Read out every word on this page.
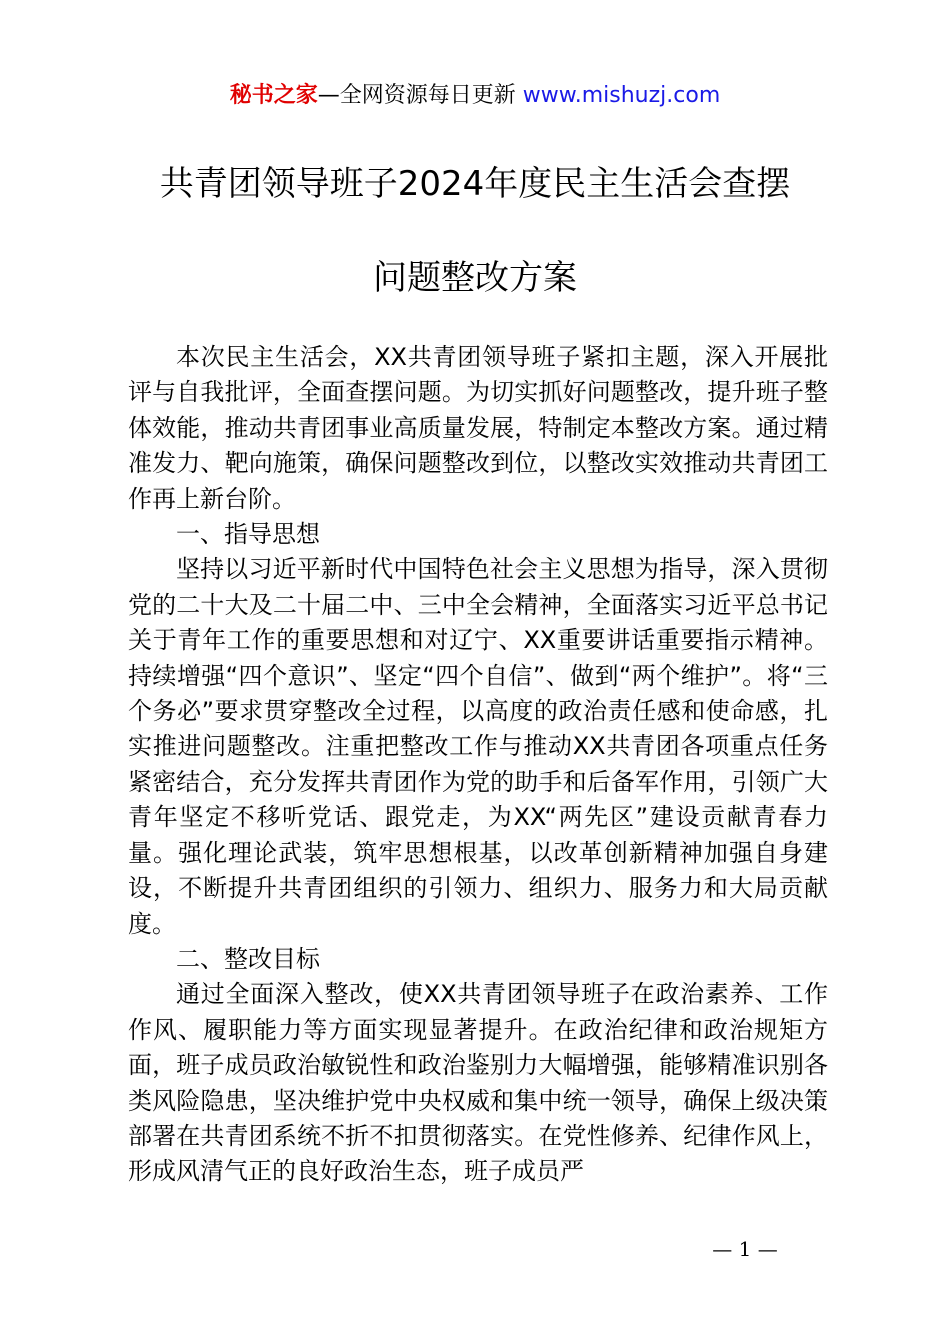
秘书之家—全网资源每日更新 www.mishuzj.com
共青团领导班子2024年度民主生活会查摆
问题整改方案

本次民主生活会，XX共青团领导班子紧扣主题，深入开展批评与自我批评，全面查摆问题。为切实抓好问题整改，提升班子整体效能，推动共青团事业高质量发展，特制定本整改方案。通过精准发力、靶向施策，确保问题整改到位，以整改实效推动共青团工作再上新台阶。

一、指导思想

坚持以习近平新时代中国特色社会主义思想为指导，深入贯彻党的二十大及二十届二中、三中全会精神，全面落实习近平总书记关于青年工作的重要思想和对辽宁、XX重要讲话重要指示精神。持续增强“四个意识”、坚定“四个自信”、做到“两个维护”。将“三个务必”要求贯穿整改全过程，以高度的政治责任感和使命感，扎实推进问题整改。注重把整改工作与推动XX共青团各项重点任务紧密结合，充分发挥共青团作为党的助手和后备军作用，引领广大青年坚定不移听党话、跟党走，为XX“两先区”建设贡献青春力量。强化理论武装，筑牢思想根基，以改革创新精神加强自身建设，不断提升共青团组织的引领力、组织力、服务力和大局贡献度。

二、整改目标

通过全面深入整改，使XX共青团领导班子在政治素养、工作作风、履职能力等方面实现显著提升。在政治纪律和政治规矩方面，班子成员政治敏锐性和政治鉴别力大幅增强，能够精准识别各类风险隐患，坚决维护党中央权威和集中统一领导，确保上级决策部署在共青团系统不折不扣贯彻落实。在党性修养、纪律作风上，形成风清气正的良好政治生态，班子成员严

— 1 —
